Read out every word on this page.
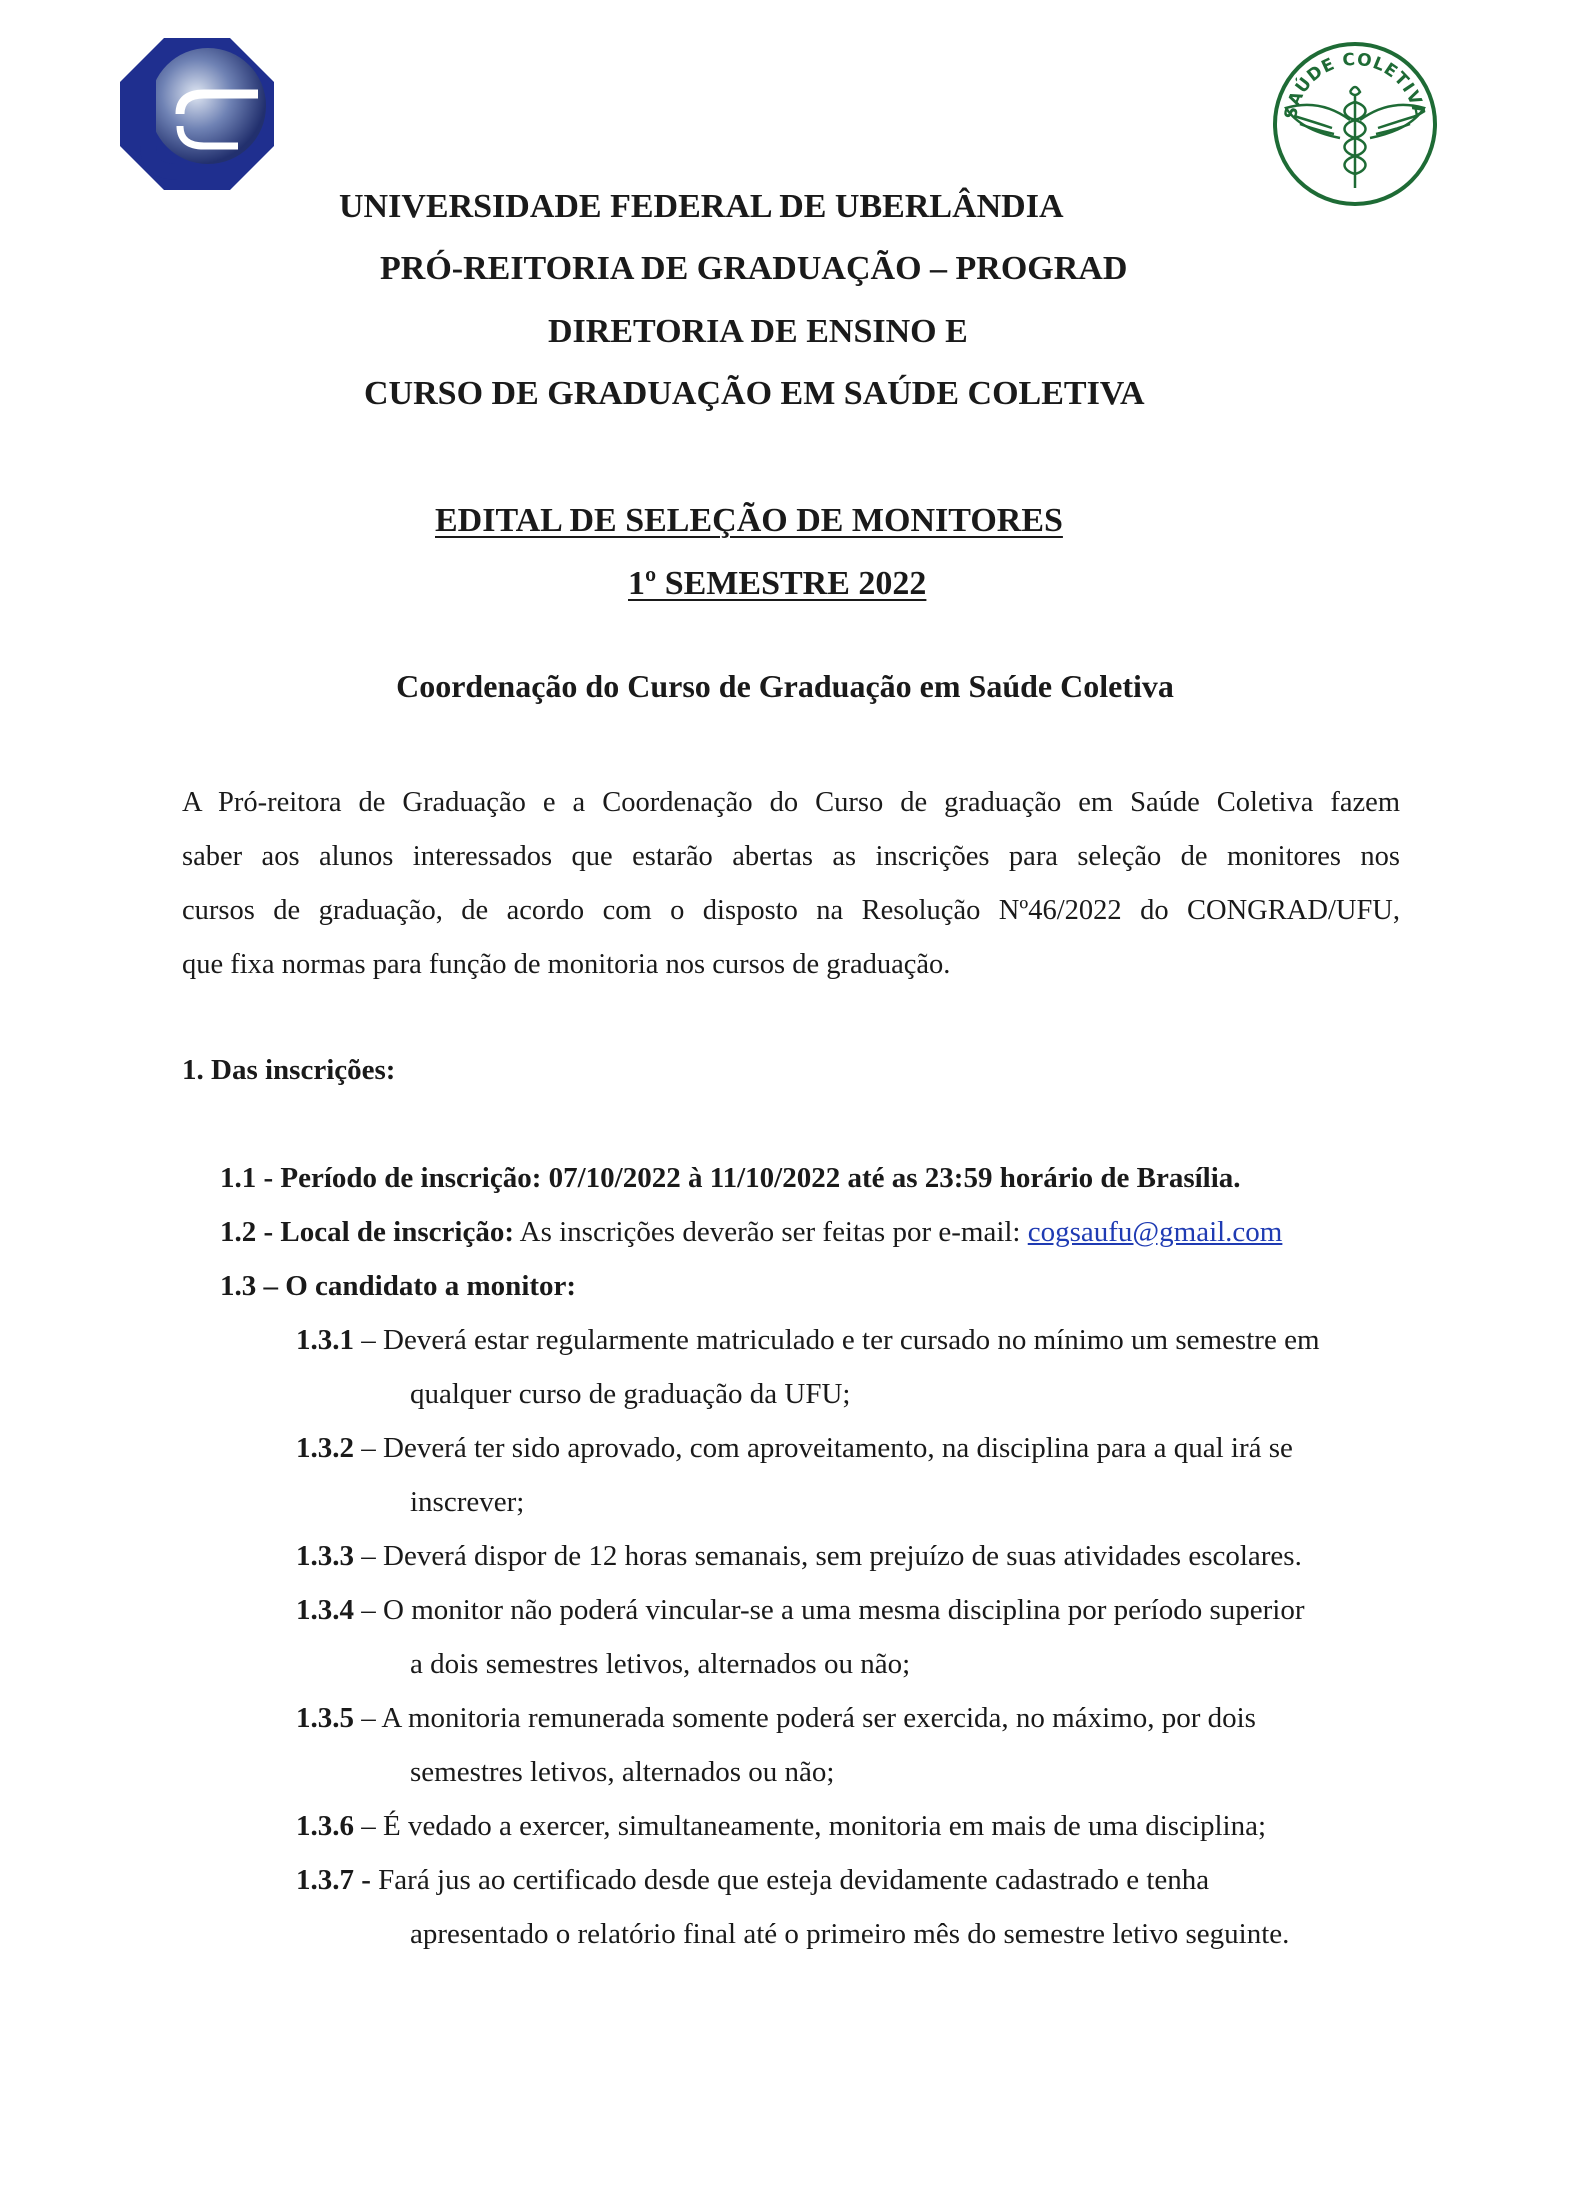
SAÚDE COLETIVA
UNIVERSIDADE FEDERAL DE UBERLÂNDIA
PRÓ-REITORIA DE GRADUAÇÃO – PROGRAD
DIRETORIA DE ENSINO E
CURSO DE GRADUAÇÃO EM SAÚDE COLETIVA
EDITAL DE SELEÇÃO DE MONITORES
1º SEMESTRE 2022
Coordenação do Curso de Graduação em Saúde Coletiva
A Pró-reitora de Graduação e a Coordenação do Curso de graduação em Saúde Coletiva fazem
saber aos alunos interessados que estarão abertas as inscrições para seleção de monitores nos
cursos de graduação, de acordo com o disposto na Resolução Nº46/2022 do CONGRAD/UFU,
que fixa normas para função de monitoria nos cursos de graduação.
1. Das inscrições:
1.1 - Período de inscrição: 07/10/2022 à 11/10/2022 até as 23:59 horário de Brasília.
1.2 - Local de inscrição: As inscrições deverão ser feitas por e-mail: cogsaufu@gmail.com
1.3 – O candidato a monitor:
1.3.1 – Deverá estar regularmente matriculado e ter cursado no mínimo um semestre em
qualquer curso de graduação da UFU;
1.3.2 – Deverá ter sido aprovado, com aproveitamento, na disciplina para a qual irá se
inscrever;
1.3.3 – Deverá dispor de 12 horas semanais, sem prejuízo de suas atividades escolares.
1.3.4 – O monitor não poderá vincular-se a uma mesma disciplina por período superior
a dois semestres letivos, alternados ou não;
1.3.5 – A monitoria remunerada somente poderá ser exercida, no máximo, por dois
semestres letivos, alternados ou não;
1.3.6 – É vedado a exercer, simultaneamente, monitoria em mais de uma disciplina;
1.3.7 - Fará jus ao certificado desde que esteja devidamente cadastrado e tenha
apresentado o relatório final até o primeiro mês do semestre letivo seguinte.
